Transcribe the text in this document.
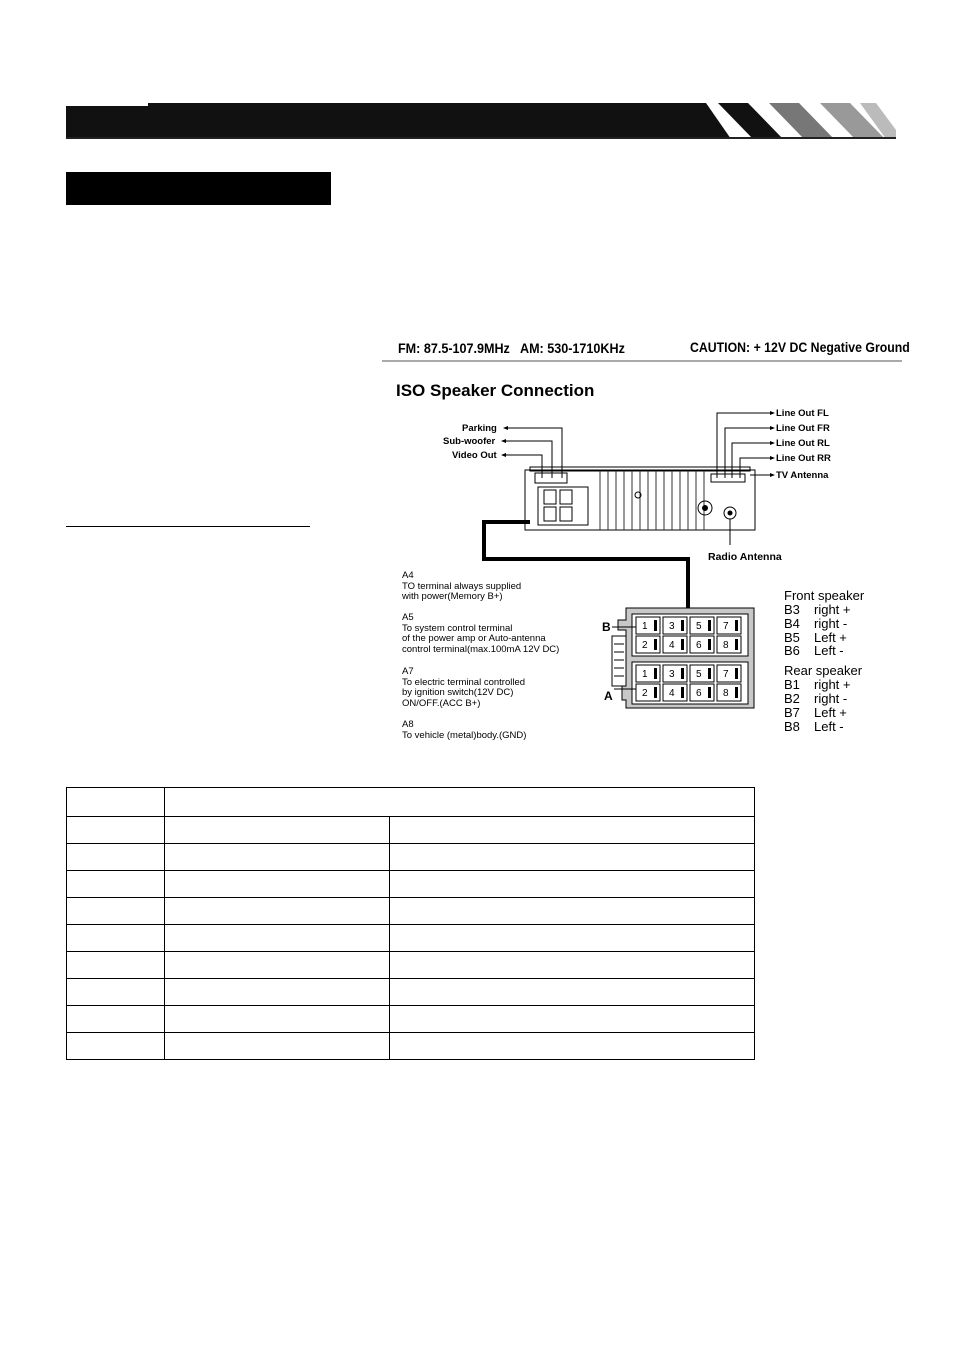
FM: 87.5-107.9MHz AM: 530-1710KHz	CAUTION: + 12V DC Negative Ground
ISO Speaker Connection
Parking
Sub-woofer
Video Out
Line Out FL
Line Out FR
Line Out RL
Line Out RR
TV Antenna
Radio Antenna
A4
TO terminal always supplied
with power(Memory B+)
A5
To system control terminal
of the power amp or Auto-antenna
control terminal(max.100mA 12V DC)
A7
To electric terminal controlled
by ignition switch(12V DC)
ON/OFF.(ACC B+)
A8
To vehicle (metal)body.(GND)
B
A
1 3 5 7
2 4 6 8
1 3 5 7
2 4 6 8
Front speaker
B3 right +
B4 right -
B5 Left +
B6 Left -
Rear speaker
B1 right +
B2 right -
B7 Left +
B8 Left -
